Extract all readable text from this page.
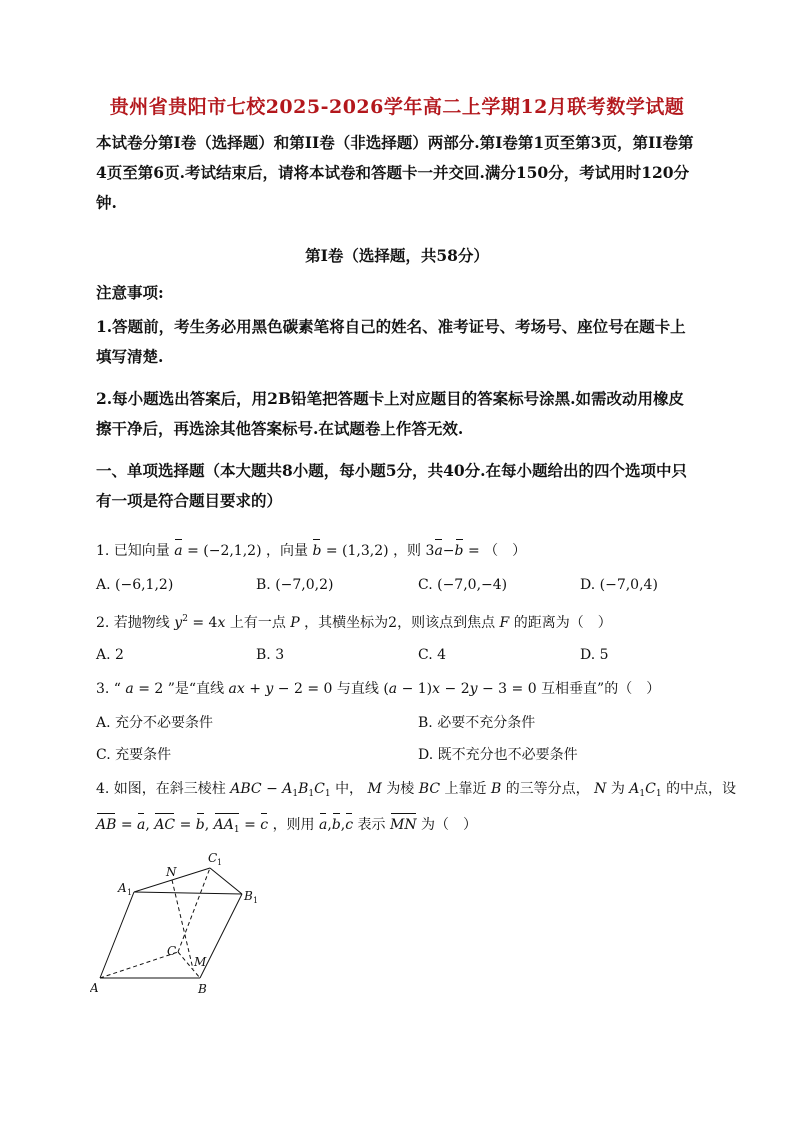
贵州省贵阳市七校2025-2026学年高二上学期12月联考数学试题
本试卷分第I卷（选择题）和第II卷（非选择题）两部分.第I卷第1页至第3页，第II卷第4页至第6页.考试结束后，请将本试卷和答题卡一并交回.满分150分，考试用时120分钟.
第I卷（选择题，共58分）
注意事项:
1.答题前，考生务必用黑色碳素笔将自己的姓名、准考证号、考场号、座位号在题卡上填写清楚.
2.每小题选出答案后，用2B铅笔把答题卡上对应题目的答案标号涂黑.如需改动用橡皮擦干净后，再选涂其他答案标号.在试题卷上作答无效.
一、单项选择题（本大题共8小题，每小题5分，共40分.在每小题给出的四个选项中只有一项是符合题目要求的）
1. 已知向量 a = (−2,1,2) ，向量 b = (1,3,2) ，则 3a−b = （　）
A. (−6,1,2)	B. (−7,0,2)	C. (−7,0,−4)	D. (−7,0,4)
2. 若抛物线 $y^2 = 4x$ 上有一点 P ，其横坐标为2，则该点到焦点 F 的距离为（　）
A. 2	B. 3	C. 4	D. 5
3. “ a = 2 ”是“直线 ax + y − 2 = 0 与直线 (a − 1)x − 2y − 3 = 0 互相垂直”的（　）
A. 充分不必要条件	B. 必要不充分条件
C. 充要条件	D. 既不充分也不必要条件
4. 如图，在斜三棱柱 ABC − $A_1B_1C_1$ 中， M 为棱 BC 上靠近 B 的三等分点， N 为 $A_1C_1$ 的中点，设
AB = a, AC = b, $AA_1 = c$ ，则用 a,b,c 表示 MN 为（　）
A	B
C
A 1	B 1
C 1
M
N
